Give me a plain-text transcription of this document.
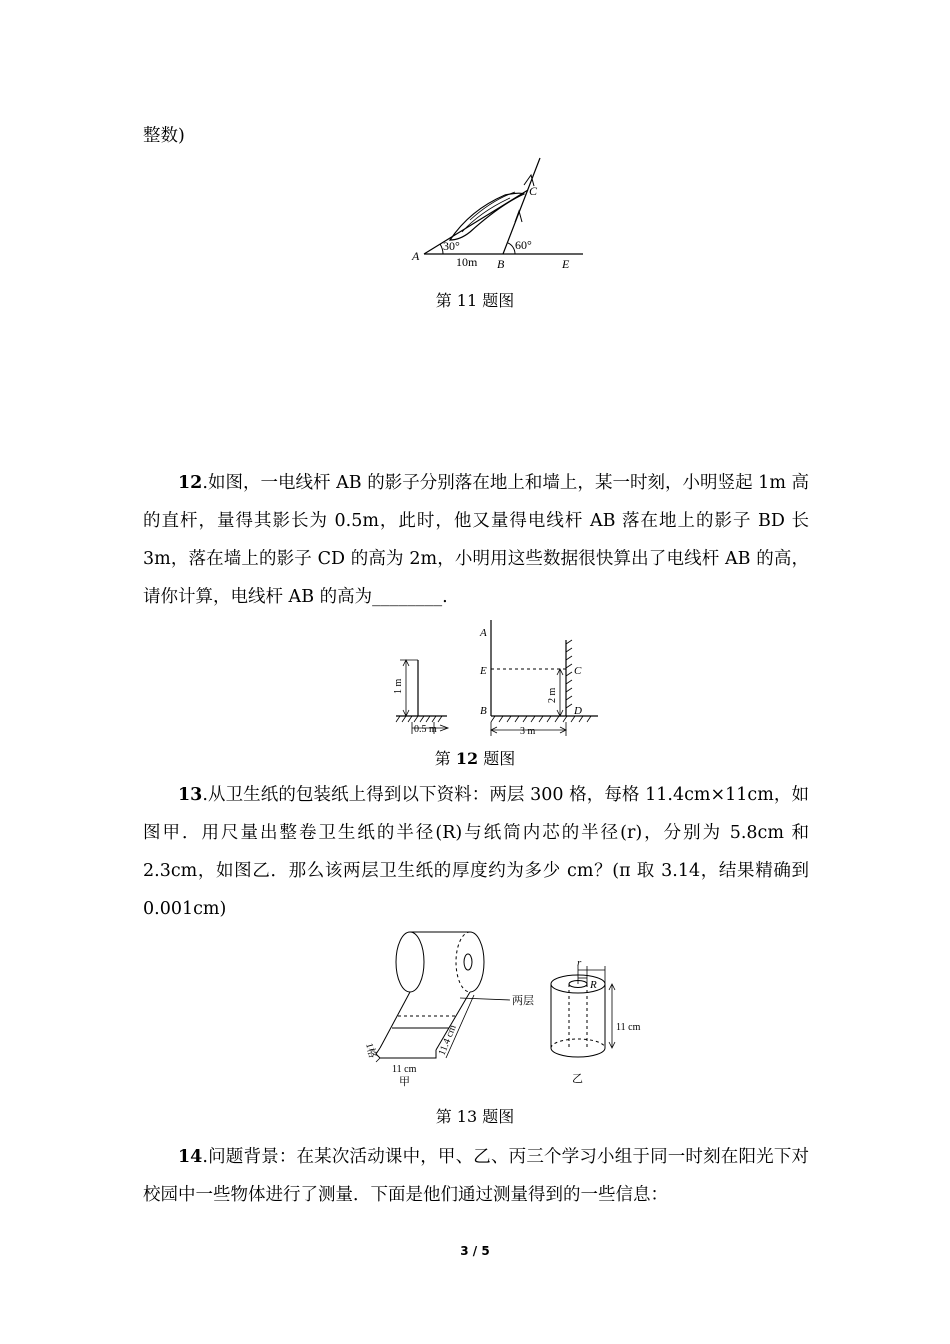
整数)

A
B
C
E
30°	60°
10m

第 11 题图

12.如图，一电线杆 AB 的影子分别落在地上和墙上，某一时刻，小明竖起 1m 高的直杆，量得其影长为 0.5m，此时，他又量得电线杆 AB 落在地上的影子 BD 长 3m，落在墙上的影子 CD 的高为 2m，小明用这些数据很快算出了电线杆 AB 的高，请你计算，电线杆 AB 的高为________.

A
E
B
C
D
1 m
2 m
0.5 m	3 m

第 12 题图

13.从卫生纸的包装纸上得到以下资料：两层 300 格，每格 11.4cm×11cm，如图甲．用尺量出整卷卫生纸的半径(R)与纸筒内芯的半径(r)，分别为 5.8cm 和 2.3cm，如图乙．那么该两层卫生纸的厚度约为多少 cm？(π 取 3.14，结果精确到 0.001cm)

两层
1格	11.4 cm
11 cm
甲
r
R
11 cm
乙

第 13 题图

14.问题背景：在某次活动课中，甲、乙、丙三个学习小组于同一时刻在阳光下对校园中一些物体进行了测量．下面是他们通过测量得到的一些信息：

3 / 5
